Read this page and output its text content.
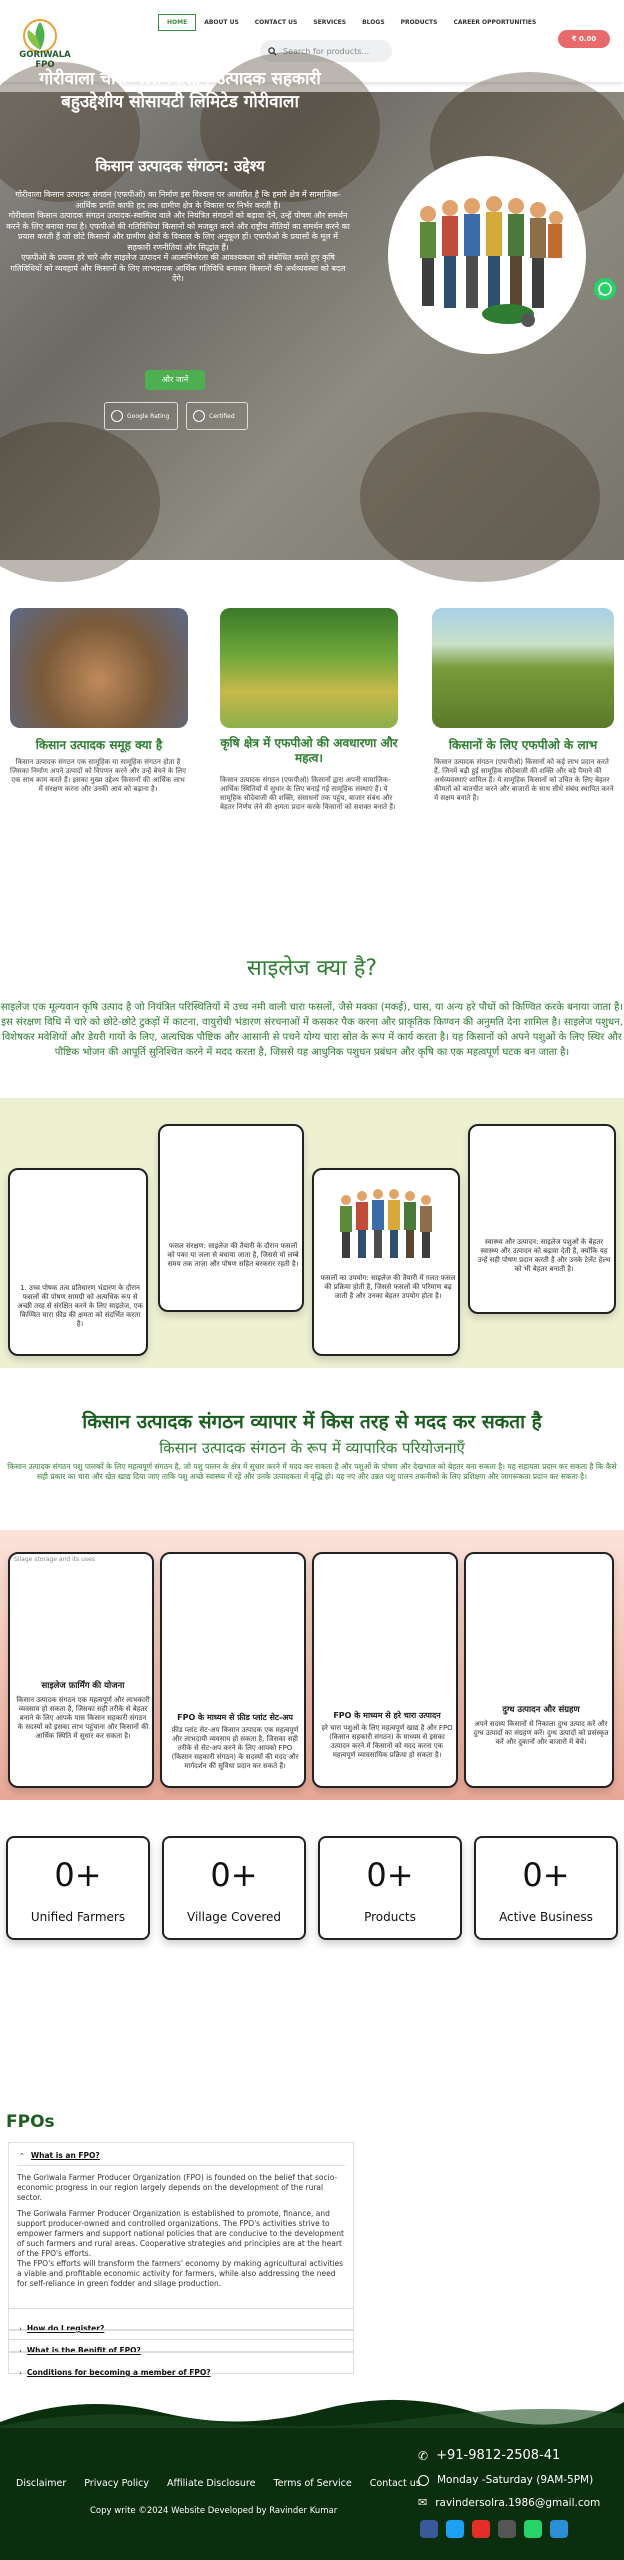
GORIWALA FPO
HOME	ABOUT US	CONTACT US	SERVICES	BLOGS	PRODUCTS	CAREER OPPORTUNITIES
₹ 0.00
Search for products...
गोरीवाला चारा प्लस किसान उत्पादक सहकारी बहुउद्देशीय सोसायटी लिमिटेड गोरीवाला
किसान उत्पादक संगठन: उद्देश्य

गोरीवाला किसान उत्पादक संगठन (एफपीओ) का निर्माण इस विश्वास पर आधारित है कि हमारे क्षेत्र में सामाजिक-आर्थिक प्रगति काफी हद तक ग्रामीण क्षेत्र के विकास पर निर्भर करती है।

गोरीवाला किसान उत्पादक संगठन उत्पादक-स्वामित्व वाले और नियंत्रित संगठनों को बढ़ावा देने, उन्हें पोषण और समर्थन करने के लिए बनाया गया है। एफपीओ की गतिविधियां किसानों को मजबूत करने और राष्ट्रीय नीतियों का समर्थन करने का प्रयास करती हैं जो छोटे किसानों और ग्रामीण क्षेत्रों के विकास के लिए अनुकूल हों। एफपीओ के प्रयासों के मूल में सहकारी रणनीतियां और सिद्धांत हैं।

एफपीओ के प्रयास हरे चारे और साइलेज उत्पादन में आत्मनिर्भरता की आवश्यकता को संबोधित करते हुए कृषि गतिविधियों को व्यवहार्य और किसानों के लिए लाभदायक आर्थिक गतिविधि बनाकर किसानों की अर्थव्यवस्था को बदल देंगे।

और जानें
Google Rating	Certified
किसान उत्पादक समूह क्या है
किसान उत्पादक संगठन एक सामूहिक या सामूहिक संगठन होता है जिसका निर्माण अपने उत्पादों को विपणन करने और उन्हें बेचने के लिए एक साथ काम करते हैं। इसका मुख्य उद्देश्य किसानों की आर्थिक लाभ में संरक्षण करना और उनकी आय को बढ़ाना है।
कृषि क्षेत्र में एफपीओ की अवधारणा और महत्व।
किसान उत्पादक संगठन (एफपीओ) किसानों द्वारा अपनी सामाजिक-आर्थिक स्थितियों में सुधार के लिए बनाई गई सामूहिक संस्थाएं हैं। ये सामूहिक सौदेबाजी की शक्ति, संसाधनों तक पहुंच, बाजार संबंध और बेहतर निर्णय लेने की क्षमता प्रदान करके किसानों को सशक्त बनाते हैं।
किसानों के लिए एफपीओ के लाभ
किसान उत्पादक संगठन (एफपीओ) किसानों को कई लाभ प्रदान करते हैं, जिनमें बढ़ी हुई सामूहिक सौदेबाजी की शक्ति और बड़े पैमाने की अर्थव्यवस्थाएं शामिल हैं। ये सामूहिक किसानों को उचित के लिए बेहतर कीमतों को बातचीत करने और बाजारों के साथ सीधे संबंध स्थापित करने में सक्षम बनाते हैं।
साइलेज क्या है?
साइलेज एक मूल्यवान कृषि उत्पाद है जो नियंत्रित परिस्थितियों में उच्च नमी वाली चारा फसलों, जैसे मक्का (मकई), घास, या अन्य हरे पौधों को किण्वित करके बनाया जाता है। इस संरक्षण विधि में चारे को छोटे-छोटे टुकड़ों में काटना, वायुरोधी भंडारण संरचनाओं में कसकर पैक करना और प्राकृतिक किण्वन की अनुमति देना शामिल है। साइलेज पशुधन, विशेषकर मवेशियों और डेयरी गायों के लिए, अत्यधिक पौष्टिक और आसानी से पचने योग्य चारा स्रोत के रूप में कार्य करता है। यह किसानों को अपने पशुओं के लिए स्थिर और पौष्टिक भोजन की आपूर्ति सुनिश्चित करने में मदद करता है, जिससे यह आधुनिक पशुधन प्रबंधन और कृषि का एक महत्वपूर्ण घटक बन जाता है।
1. उच्च पोषक तत्व प्रतिधारण भंडारण के दौरान फसलों की पोषण सामग्री को अत्यधिक रूप से अच्छी तरह से संरक्षित करने के लिए साइलेज, एक किण्वित चारा फ़ीड की क्षमता को संदर्भित करता है।
फसल संरक्षण: साइलेज की तैयारी के दौरान फसलों को पका या जला से बचाया जाता है, जिससे यो लम्बे समय तक ताज़ा और पोषण सहित बरकरार रहती है।
फसलों का उपयोग: साइलेज की तैयारी में ग़लत फ़सल की प्रक्रिया होती है, जिससे फसलों की परिमाण बढ़ जाती है और उनका बेहतर उपयोग होता है।
स्वास्थ्य और उत्पादन: साइलेज पशुओं के बेहतर स्वास्थ्य और उत्पादन को बढ़ावा देती है, क्योंकि यह उन्हें सही पोषण प्रदान करती है और उनके टेलेंट हेल्थ को भी बेहतर बनाती है।
किसान उत्पादक संगठन व्यापार में किस तरह से मदद कर सकता है
किसान उत्पादक संगठन के रूप में व्यापारिक परियोजनाएँ
किसान उत्पादक संगठन पशु पालकों के लिए महत्वपूर्ण संगठन है, जो पशु पालन के क्षेत्र में सुधार करने में मदद कर सकता है और पशुओं के पोषण और देखभाल को बेहतर बना सकता है। यह सहायता प्रदान कर सकता है कि कैसे सही प्रकार का चारा और खेत खाद्य दिया जाए ताकि पशु अच्छे स्वास्थ्य में रहें और उनके उत्पादकता में वृद्धि हो। यह नए और उन्नत पशु पालन तकनीकों के लिए प्रशिक्षण और जागरूकता प्रदान कर सकता है।
Silage storage and its uses
साइलेज फ़ार्मिंग की योजना
किसान उत्पादक संगठन एक महत्वपूर्ण और लाभकारी व्यवसाय हो सकता है, जिसका सही तरीके से बेहतर बनाने के लिए आपके पास किसान सहकारी संगठन के सदस्यों को इसका लाभ पहुंचाना और किसानों की आर्थिक स्थिति में सुधार कर सकता है।
FPO के माध्यम से फ़ीड प्लांट सेट-अप
फ़ीड प्लांट सेट-अप किसान उत्पादक एक महत्वपूर्ण और लाभदायी व्यवसाय हो सकता है, जिसका सही तरीके से सेट-अप करने के लिए आपको FPO (किसान सहकारी संगठन) के सदस्यों की मदद और मार्गदर्शन की सुविधा प्रदान कर सकते हैं।
FPO के माध्यम से हरे चारा उत्पादन
हरे चारा पशुओं के लिए महत्वपूर्ण खाद्य है और FPO (किसान सहकारी संगठन) के माध्यम से इसका उत्पादन करने में किसानों को मदद करना एक महत्वपूर्ण व्यावसायिक प्रक्रिया हो सकता है।
दुग्ध उत्पादन और संग्रहण
अपने सदस्य किसानों से निकाला दुग्ध उत्पाद करें और दुग्ध उत्पादों का संग्रहण करें। दुग्ध उत्पादों को प्रसंस्कृत करें और दुकानों और बाजारों में बेचें।
0+
Unified Farmers
0+
Village Covered
0+
Products
0+
Active Business
FPOs
⌃ What is an FPO?

The Goriwala Farmer Producer Organization (FPO) is founded on the belief that socio-economic progress in our region largely depends on the development of the rural sector.

The Goriwala Farmer Producer Organization is established to promote, finance, and support producer-owned and controlled organizations. The FPO's activities strive to empower farmers and support national policies that are conducive to the development of such farmers and rural areas. Cooperative strategies and principles are at the heart of the FPO's efforts.

The FPO's efforts will transform the farmers' economy by making agricultural activities a viable and profitable economic activity for farmers, while also addressing the need for self-reliance in green fodder and silage production.

› How do I register?
› What is the Benifit of FPO?
› Conditions for becoming a member of FPO?
Disclaimer Privacy Policy Affiliate Disclosure Terms of Service Contact us
Copy write ©2024 Website Developed by Ravinder Kumar
✆ +91-9812-2508-41
Monday -Saturday (9AM-5PM)
✉ ravindersolra.1986@gmail.com
